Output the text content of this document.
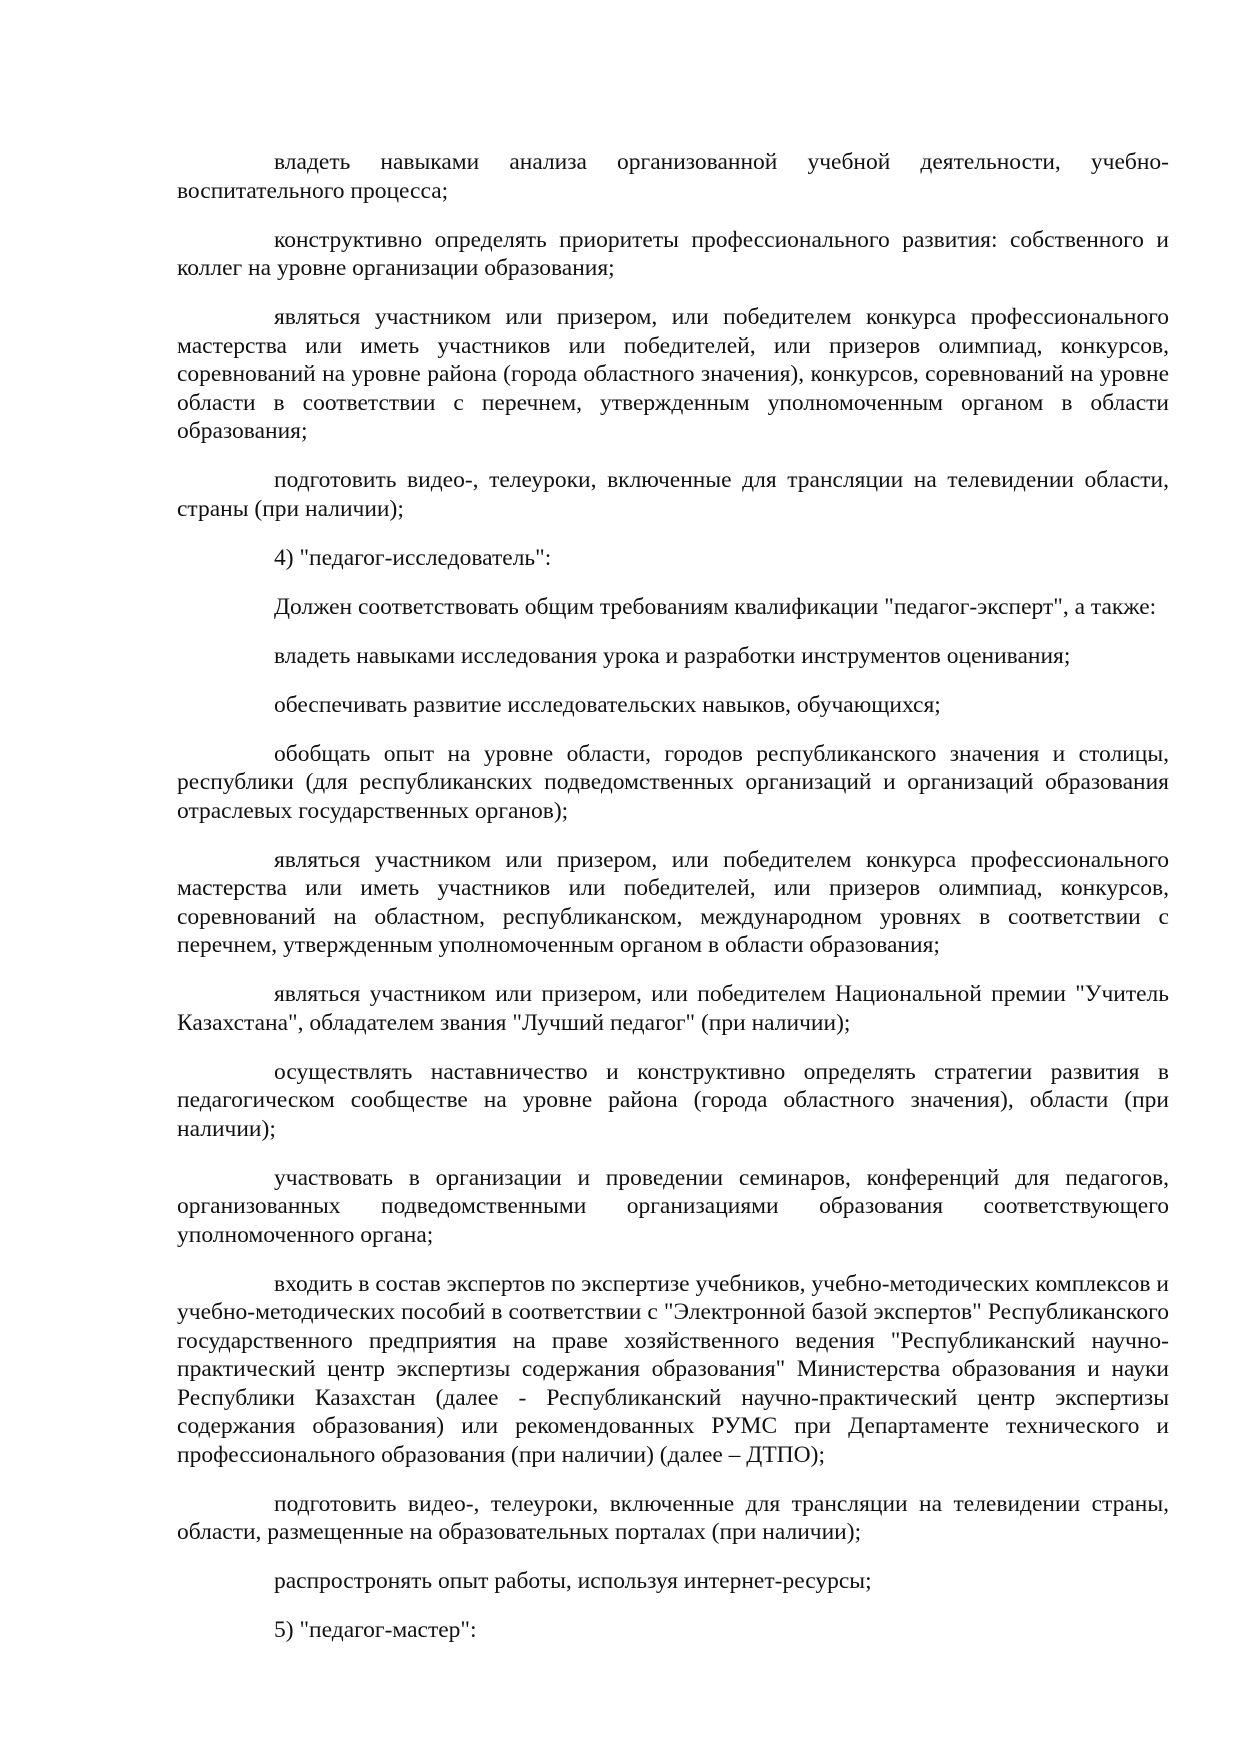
владеть навыками анализа организованной учебной деятельности, учебно-воспитательного процесса;

конструктивно определять приоритеты профессионального развития: собственного и коллег на уровне организации образования;

являться участником или призером, или победителем конкурса профессионального мастерства или иметь участников или победителей, или призеров олимпиад, конкурсов, соревнований на уровне района (города областного значения), конкурсов, соревнований на уровне области в соответствии с перечнем, утвержденным уполномоченным органом в области образования;

подготовить видео-, телеуроки, включенные для трансляции на телевидении области, страны (при наличии);

4) "педагог-исследователь":

Должен соответствовать общим требованиям квалификации "педагог-эксперт", а также:

владеть навыками исследования урока и разработки инструментов оценивания;

обеспечивать развитие исследовательских навыков, обучающихся;

обобщать опыт на уровне области, городов республиканского значения и столицы, республики (для республиканских подведомственных организаций и организаций образования отраслевых государственных органов);

являться участником или призером, или победителем конкурса профессионального мастерства или иметь участников или победителей, или призеров олимпиад, конкурсов, соревнований на областном, республиканском, международном уровнях в соответствии с перечнем, утвержденным уполномоченным органом в области образования;

являться участником или призером, или победителем Национальной премии "Учитель Казахстана", обладателем звания "Лучший педагог" (при наличии);

осуществлять наставничество и конструктивно определять стратегии развития в педагогическом сообществе на уровне района (города областного значения), области (при наличии);

участвовать в организации и проведении семинаров, конференций для педагогов, организованных подведомственными организациями образования соответствующего уполномоченного органа;

входить в состав экспертов по экспертизе учебников, учебно-методических комплексов и учебно-методических пособий в соответствии с "Электронной базой экспертов" Республиканского государственного предприятия на праве хозяйственного ведения "Республиканский научно-практический центр экспертизы содержания образования" Министерства образования и науки Республики Казахстан (далее - Республиканский научно-практический центр экспертизы содержания образования) или рекомендованных РУМС при Департаменте технического и профессионального образования (при наличии) (далее – ДТПО);

подготовить видео-, телеуроки, включенные для трансляции на телевидении страны, области, размещенные на образовательных порталах (при наличии);

распростронять опыт работы, используя интернет-ресурсы;

5) "педагог-мастер":
